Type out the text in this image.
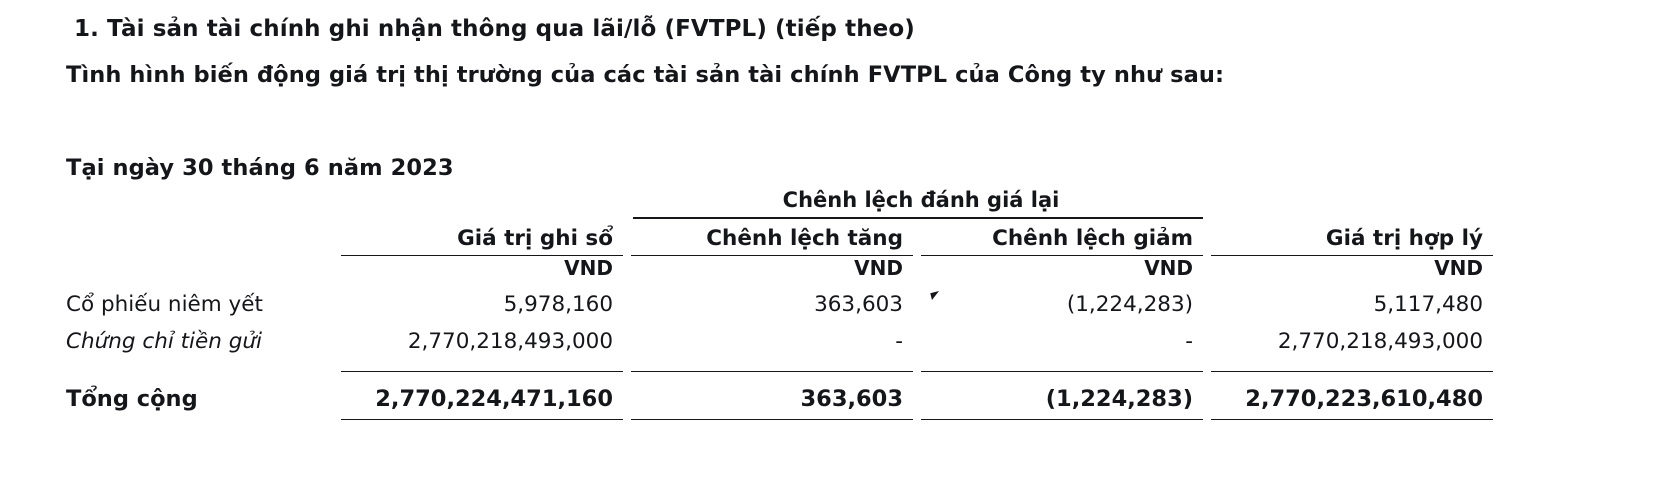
1. Tài sản tài chính ghi nhận thông qua lãi/lỗ (FVTPL) (tiếp theo)
Tình hình biến động giá trị thị trường của các tài sản tài chính FVTPL của Công ty như sau:
Tại ngày 30 tháng 6 năm 2023
		Chênh lệch đánh giá lại		

	Giá trị ghi sổ	Chênh lệch tăng	Chênh lệch giảm	Giá trị hợp lý

	VND	VND	VND	VND
Cổ phiếu niêm yết	5,978,160	363,603	(1,224,283)	5,117,480
Chứng chỉ tiền gửi	2,770,218,493,000	-	-	2,770,218,493,000

Tổng cộng	2,770,224,471,160	363,603	(1,224,283)	2,770,223,610,480
